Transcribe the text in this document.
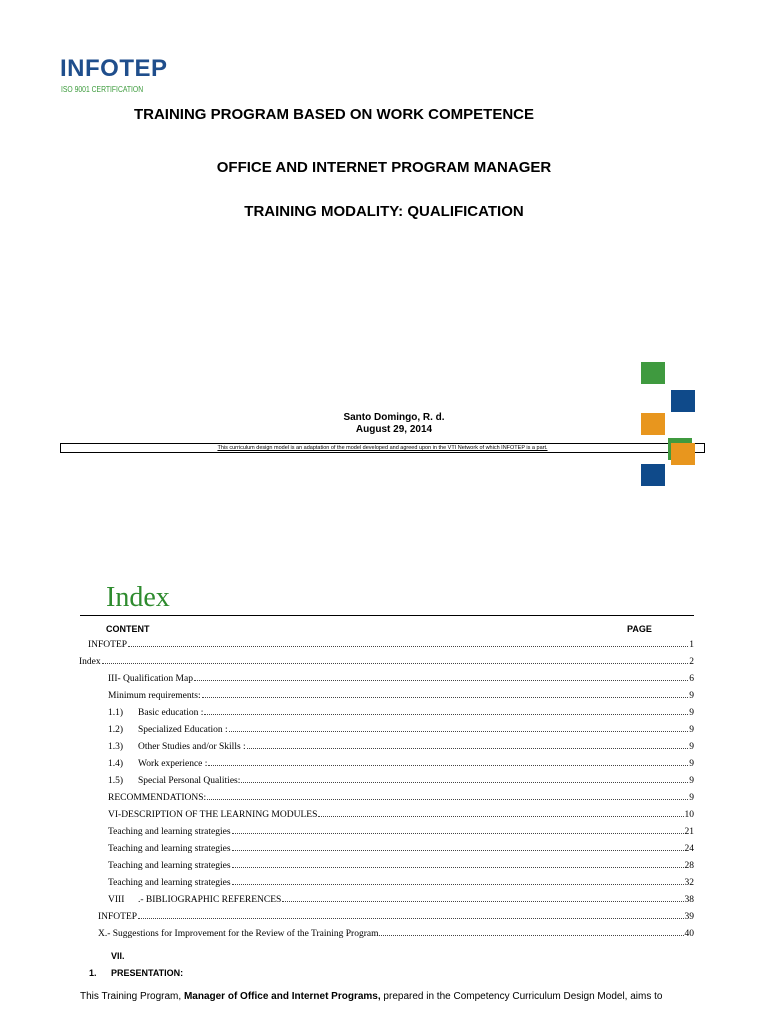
INFOTEP
ISO 9001 CERTIFICATION
TRAINING PROGRAM BASED ON WORK COMPETENCE
OFFICE AND INTERNET PROGRAM MANAGER
TRAINING MODALITY: QUALIFICATION
Santo Domingo, R. d.
August 29, 2014
This curriculum design model is an adaptation of the model developed and agreed upon in the VTI Network of which INFOTEP is a part.
Index
CONTENT	PAGE
INFOTEP	1
Index	2
III- Qualification Map	6
Minimum requirements:	9
1.1) Basic education :	9
1.2) Specialized Education :	9
1.3) Other Studies and/or Skills :	9
1.4) Work experience :	9
1.5) Special Personal Qualities:	9
RECOMMENDATIONS:	9
VI-DESCRIPTION OF THE LEARNING MODULES	10
Teaching and learning strategies	21
Teaching and learning strategies	24
Teaching and learning strategies	28
Teaching and learning strategies	32
VIII .- BIBLIOGRAPHIC REFERENCES	38
INFOTEP	39
X.- Suggestions for Improvement for the Review of the Training Program	40
VII.
1. PRESENTATION:
This Training Program, Manager of Office and Internet Programs, prepared in the Competency Curriculum Design Model, aims to
